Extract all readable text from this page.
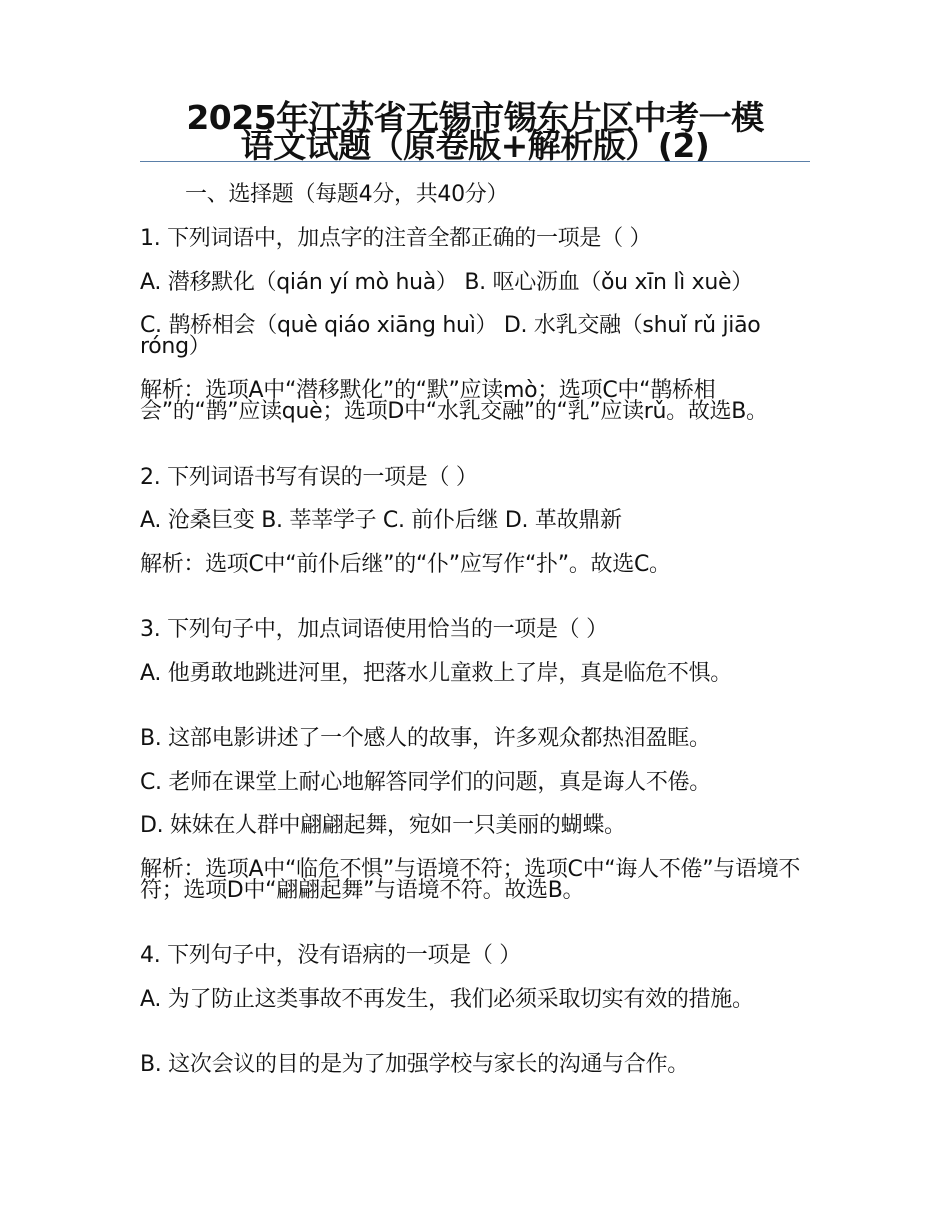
2025年江苏省无锡市锡东片区中考一模
语文试题（原卷版+解析版）(2)

一、选择题（每题4分，共40分）

1. 下列词语中，加点字的注音全都正确的一项是（ ）

A. 潜移默化（qián yí mò huà） B. 呕心沥血（ǒu xīn lì xuè）

C. 鹊桥相会（què qiáo xiāng huì） D. 水乳交融（shuǐ rǔ jiāo róng）

解析：选项A中“潜移默化”的“默”应读mò；选项C中“鹊桥相会”的“鹊”应读què；选项D中“水乳交融”的“乳”应读rǔ。故选B。

2. 下列词语书写有误的一项是（ ）

A. 沧桑巨变 B. 莘莘学子 C. 前仆后继 D. 革故鼎新

解析：选项C中“前仆后继”的“仆”应写作“扑”。故选C。

3. 下列句子中，加点词语使用恰当的一项是（ ）

A. 他勇敢地跳进河里，把落水儿童救上了岸，真是临危不惧。

B. 这部电影讲述了一个感人的故事，许多观众都热泪盈眶。

C. 老师在课堂上耐心地解答同学们的问题，真是诲人不倦。

D. 妹妹在人群中翩翩起舞，宛如一只美丽的蝴蝶。

解析：选项A中“临危不惧”与语境不符；选项C中“诲人不倦”与语境不符；选项D中“翩翩起舞”与语境不符。故选B。

4. 下列句子中，没有语病的一项是（ ）

A. 为了防止这类事故不再发生，我们必须采取切实有效的措施。

B. 这次会议的目的是为了加强学校与家长的沟通与合作。
